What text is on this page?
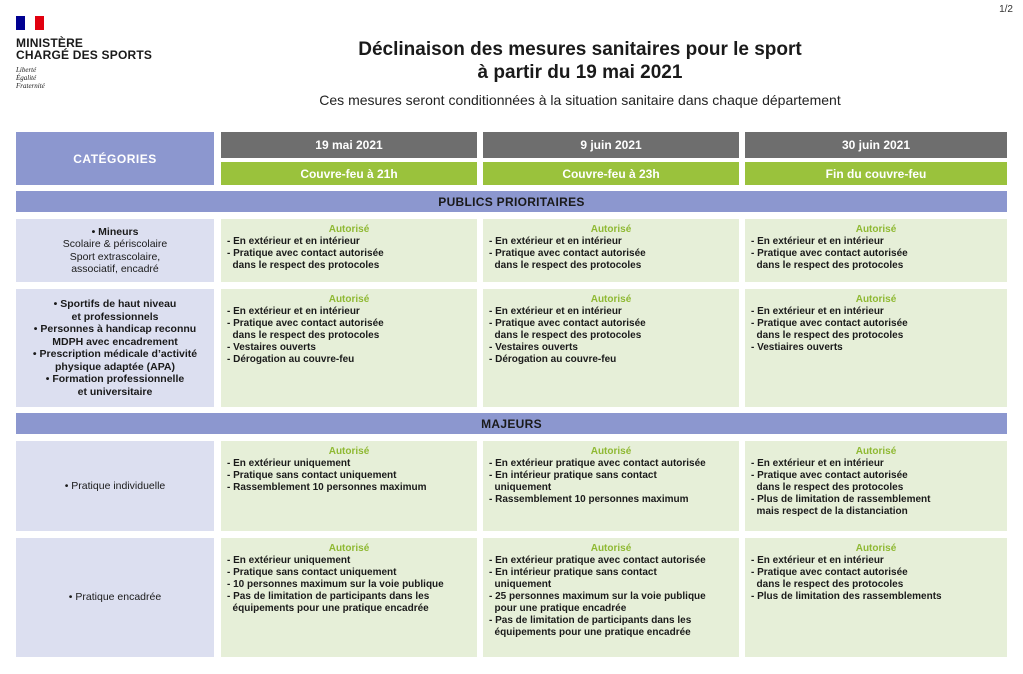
1/2
MINISTÈRE
CHARGÉ DES SPORTS
Liberté
Égalité
Fraternité
Déclinaison des mesures sanitaires pour le sport
à partir du 19 mai 2021
Ces mesures seront conditionnées à la situation sanitaire dans chaque département
CATÉGORIES
19 mai 2021	9 juin 2021	30 juin 2021
Couvre-feu à 21h	Couvre-feu à 23h	Fin du couvre-feu
PUBLICS PRIORITAIRES
• Mineurs
Scolaire & périscolaire
Sport extrascolaire,
associatif, encadré
Autorisé
- En extérieur et en intérieur
- Pratique avec contact autorisée
dans le respect des protocoles
Autorisé
- En extérieur et en intérieur
- Pratique avec contact autorisée
dans le respect des protocoles
Autorisé
- En extérieur et en intérieur
- Pratique avec contact autorisée
dans le respect des protocoles
• Sportifs de haut niveau
et professionnels
• Personnes à handicap reconnu
MDPH avec encadrement
• Prescription médicale d’activité
physique adaptée (APA)
• Formation professionnelle
et universitaire
Autorisé
- En extérieur et en intérieur
- Pratique avec contact autorisée
dans le respect des protocoles
- Vestaires ouverts
- Dérogation au couvre-feu
Autorisé
- En extérieur et en intérieur
- Pratique avec contact autorisée
dans le respect des protocoles
- Vestaires ouverts
- Dérogation au couvre-feu
Autorisé
- En extérieur et en intérieur
- Pratique avec contact autorisée
dans le respect des protocoles
- Vestiaires ouverts
MAJEURS
• Pratique individuelle
Autorisé
- En extérieur uniquement
- Pratique sans contact uniquement
- Rassemblement 10 personnes maximum
Autorisé
- En extérieur pratique avec contact autorisée
- En intérieur pratique sans contact
uniquement
- Rassemblement 10 personnes maximum
Autorisé
- En extérieur et en intérieur
- Pratique avec contact autorisée
dans le respect des protocoles
- Plus de limitation de rassemblement
mais respect de la distanciation
• Pratique encadrée
Autorisé
- En extérieur uniquement
- Pratique sans contact uniquement
- 10 personnes maximum sur la voie publique
- Pas de limitation de participants dans les
équipements pour une pratique encadrée
Autorisé
- En extérieur pratique avec contact autorisée
- En intérieur pratique sans contact
uniquement
- 25 personnes maximum sur la voie publique
pour une pratique encadrée
- Pas de limitation de participants dans les
équipements pour une pratique encadrée
Autorisé
- En extérieur et en intérieur
- Pratique avec contact autorisée
dans le respect des protocoles
- Plus de limitation des rassemblements
